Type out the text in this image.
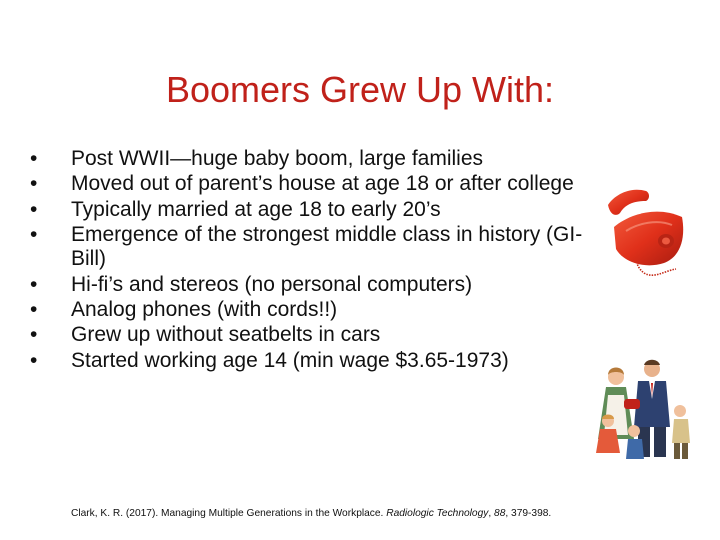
Boomers Grew Up With:
• Post WWII—huge baby boom, large families
• Moved out of parent’s house at age 18 or after college
• Typically married at age 18 to early 20’s
• Emergence of the strongest middle class in history (GI-Bill)
• Hi-fi’s and stereos (no personal computers)
• Analog phones (with cords!!)
• Grew up without seatbelts in cars
• Started working age 14 (min wage $3.65-1973)
Clark, K. R. (2017). Managing Multiple Generations in the Workplace. Radiologic Technology, 88, 379-398.
